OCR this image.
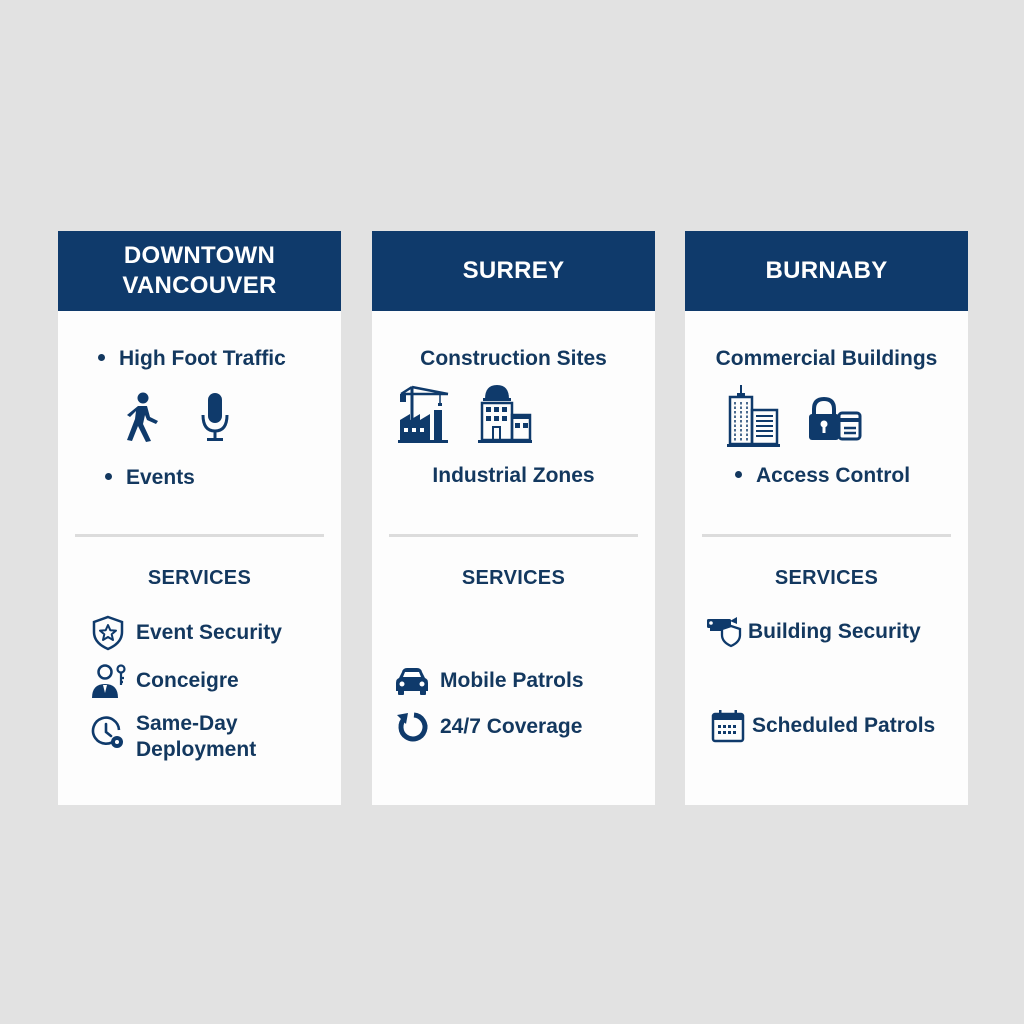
DOWNTOWN
VANCOUVER
High Foot Traffic
Events
SERVICES
Event Security
Conceigre
Same-Day
Deployment
SURREY
Construction Sites
Industrial Zones
SERVICES
Mobile Patrols
24/7 Coverage
BURNABY
Commercial Buildings
Access Control
SERVICES
Building Security
Scheduled Patrols
